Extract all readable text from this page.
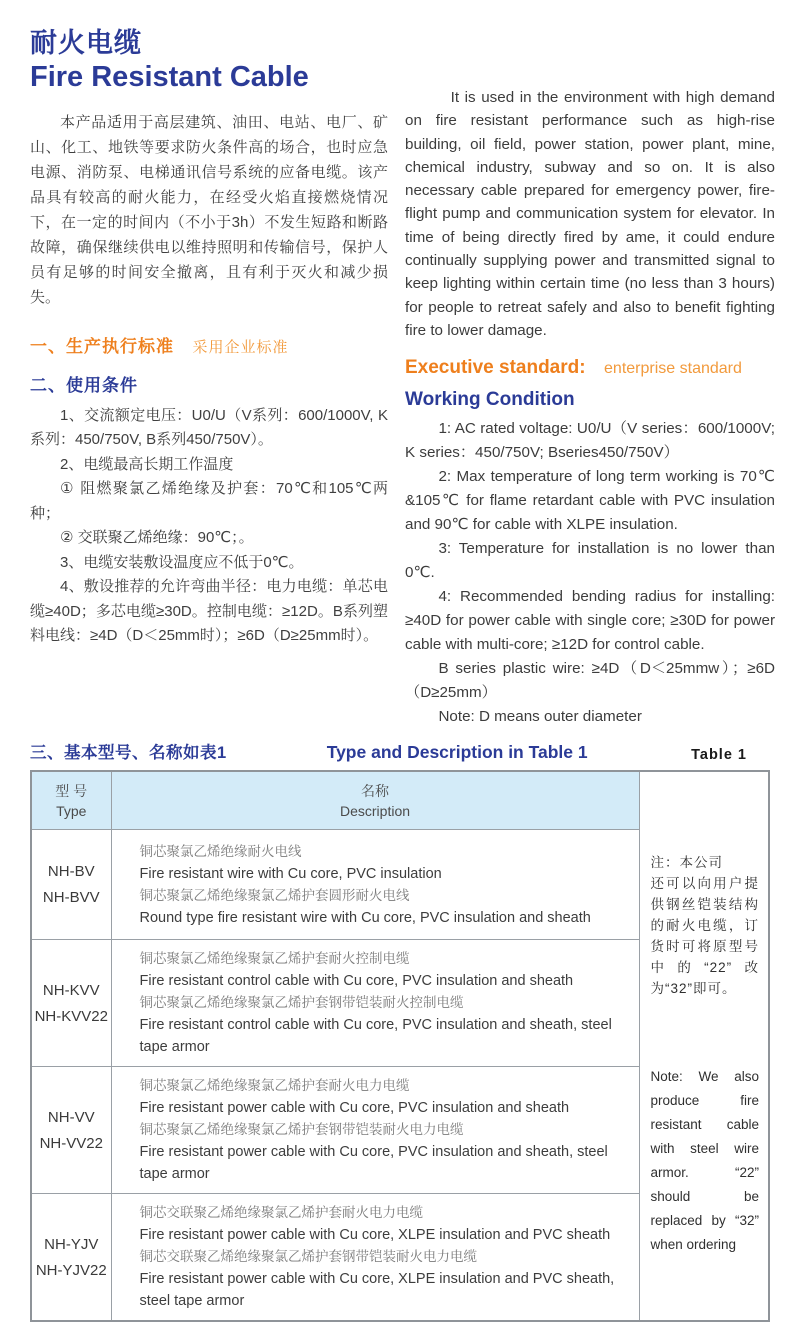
耐火电缆
Fire Resistant Cable

本产品适用于高层建筑、油田、电站、电厂、矿山、化工、地铁等要求防火条件高的场合，也时应急电源、消防泵、电梯通讯信号系统的应备电缆。该产品具有较高的耐火能力，在经受火焰直接燃烧情况下，在一定的时间内（不小于3h）不发生短路和断路故障，确保继续供电以维持照明和传输信号，保护人员有足够的时间安全撤离，且有利于灭火和减少损失。

一、生产执行标准 采用企业标准
二、使用条件

1、交流额定电压：U0/U（V系列：600/1000V, K系列：450/750V, B系列450/750V）。

2、电缆最高长期工作温度

① 阻燃聚氯乙烯绝缘及护套：70℃和105℃两种；

② 交联聚乙烯绝缘：90℃；。

3、电缆安装敷设温度应不低于0℃。

4、敷设推荐的允许弯曲半径：电力电缆：单芯电缆≥40D；多芯电缆≥30D。控制电缆：≥12D。B系列塑料电线：≥4D（D＜25mm时）；≥6D（D≥25mm时）。

It is used in the environment with high demand on fire resistant performance such as high-rise building, oil field, power station, power plant, mine, chemical industry, subway and so on. It is also necessary cable prepared for emergency power, fire-flight pump and communication system for elevator. In time of being directly fired by ame, it could endure continually supplying power and transmitted signal to keep lighting within certain time (no less than 3 hours) for people to retreat safely and also to benefit fighting fire to lower damage.

Executive standard: enterprise standard
Working Condition

1: AC rated voltage: U0/U（V series：600/1000V; K series：450/750V; Bseries450/750V）

2: Max temperature of long term working is 70℃ &105℃ for flame retardant cable with PVC insulation and 90℃ for cable with XLPE insulation.

3: Temperature for installation is no lower than 0℃.

4: Recommended bending radius for installing: ≥40D for power cable with single core; ≥30D for power cable with multi-core; ≥12D for control cable.

B series plastic wire: ≥4D（D＜25mmw）；≥6D（D≥25mm）

Note: D means outer diameter

三、基本型号、名称如表1	Type and Description in Table 1	Table 1
型 号
Type

名称
Description

注：本公司
还可以向用户提供钢丝铠装结构的耐火电缆，订货时可将原型号中的“22”改为“32”即可。
Note: We also produce fire resistant cable with steel wire armor. “22” should be replaced by “32” when ordering

NH-BV
NH-BVV

铜芯聚氯乙烯绝缘耐火电线
Fire resistant wire with Cu core, PVC insulation
铜芯聚氯乙烯绝缘聚氯乙烯护套圆形耐火电线
Round type fire resistant wire with Cu core, PVC insulation and sheath

NH-KVV
NH-KVV22

铜芯聚氯乙烯绝缘聚氯乙烯护套耐火控制电缆
Fire resistant control cable with Cu core, PVC insulation and sheath
铜芯聚氯乙烯绝缘聚氯乙烯护套钢带铠装耐火控制电缆
Fire resistant control cable with Cu core, PVC insulation and sheath, steel tape armor

NH-VV
NH-VV22

铜芯聚氯乙烯绝缘聚氯乙烯护套耐火电力电缆
Fire resistant power cable with Cu core, PVC insulation and sheath
铜芯聚氯乙烯绝缘聚氯乙烯护套钢带铠装耐火电力电缆
Fire resistant power cable with Cu core, PVC insulation and sheath, steel tape armor

NH-YJV
NH-YJV22

铜芯交联聚乙烯绝缘聚氯乙烯护套耐火电力电缆
Fire resistant power cable with Cu core, XLPE insulation and PVC sheath
铜芯交联聚乙烯绝缘聚氯乙烯护套钢带铠装耐火电力电缆
Fire resistant power cable with Cu core, XLPE insulation and PVC sheath, steel tape armor
